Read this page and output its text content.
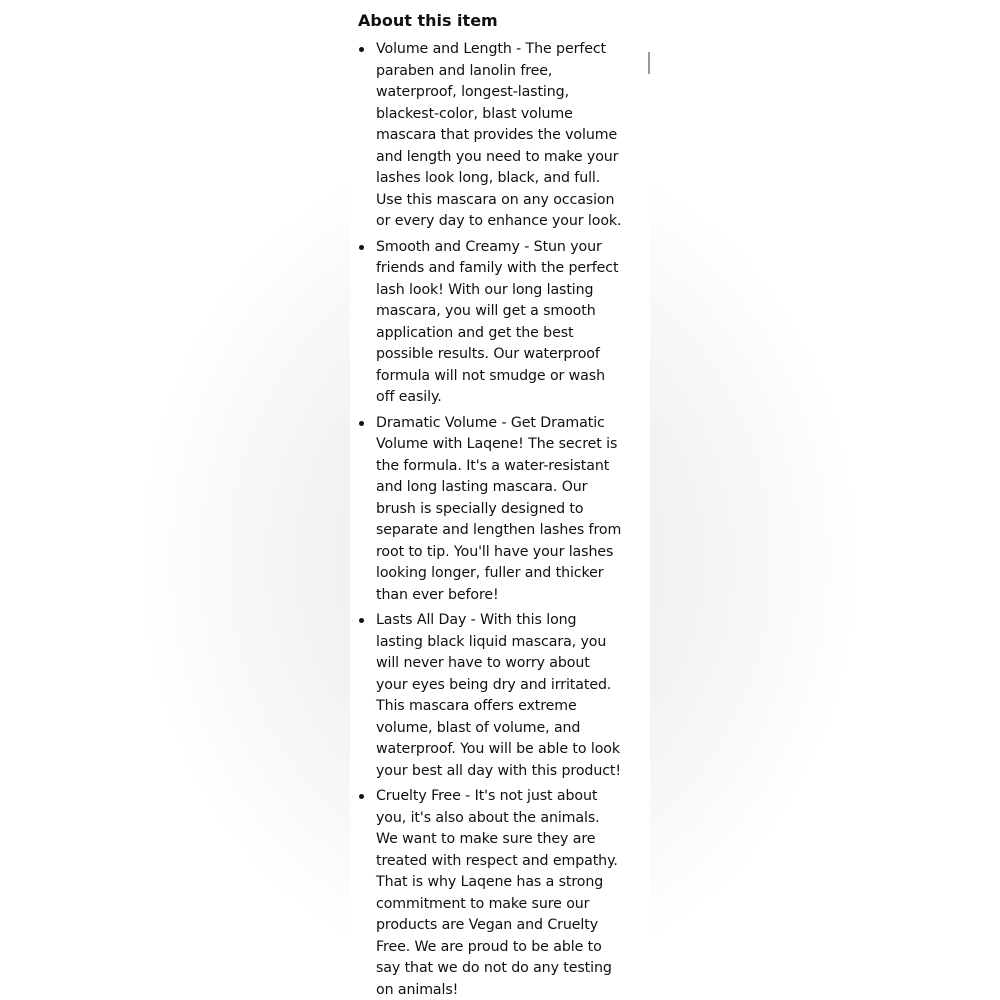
About this item
Volume and Length - The perfect paraben and lanolin free, waterproof, longest-lasting, blackest-color, blast volume mascara that provides the volume and length you need to make your lashes look long, black, and full. Use this mascara on any occasion or every day to enhance your look.
Smooth and Creamy - Stun your friends and family with the perfect lash look! With our long lasting mascara, you will get a smooth application and get the best possible results. Our waterproof formula will not smudge or wash off easily.
Dramatic Volume - Get Dramatic Volume with Laqene! The secret is the formula. It's a water-resistant and long lasting mascara. Our brush is specially designed to separate and lengthen lashes from root to tip. You'll have your lashes looking longer, fuller and thicker than ever before!
Lasts All Day - With this long lasting black liquid mascara, you will never have to worry about your eyes being dry and irritated. This mascara offers extreme volume, blast of volume, and waterproof. You will be able to look your best all day with this product!
Cruelty Free - It's not just about you, it's also about the animals. We want to make sure they are treated with respect and empathy. That is why Laqene has a strong commitment to make sure our products are Vegan and Cruelty Free. We are proud to be able to say that we do not do any testing on animals!
